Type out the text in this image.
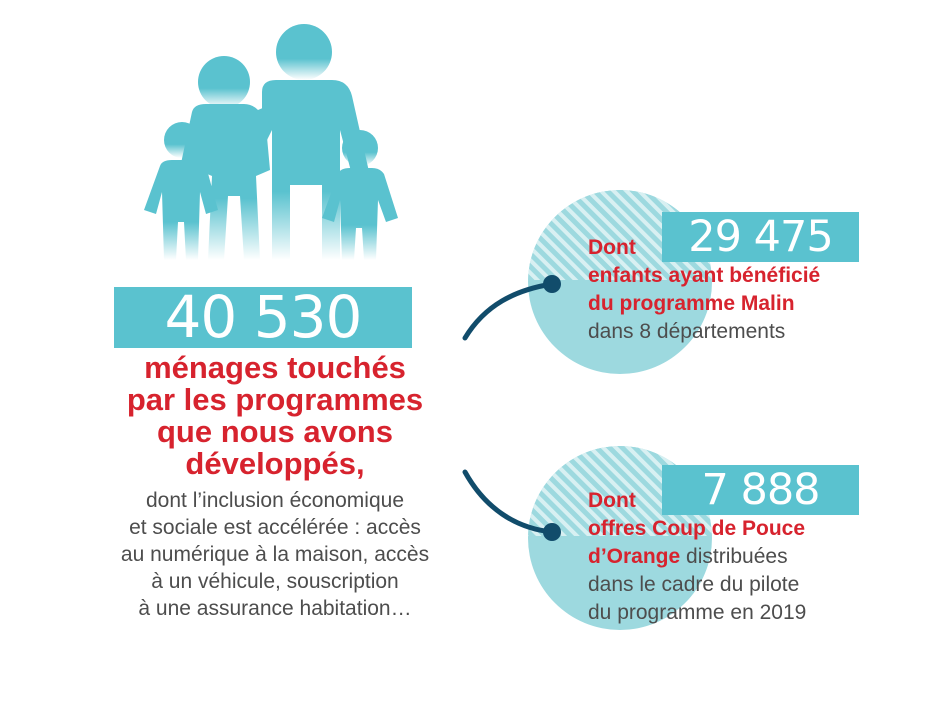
40 530
ménages touchés
par les programmes
que nous avons
développés,
dont l’inclusion économique
et sociale est accélérée : accès
au numérique à la maison, accès
à un véhicule, souscription
à une assurance habitation…
29 475
Dont
enfants ayant bénéficié
du programme Malin
dans 8 départements
7 888
Dont
offres Coup de Pouce
d’Orange distribuées
dans le cadre du pilote
du programme en 2019
